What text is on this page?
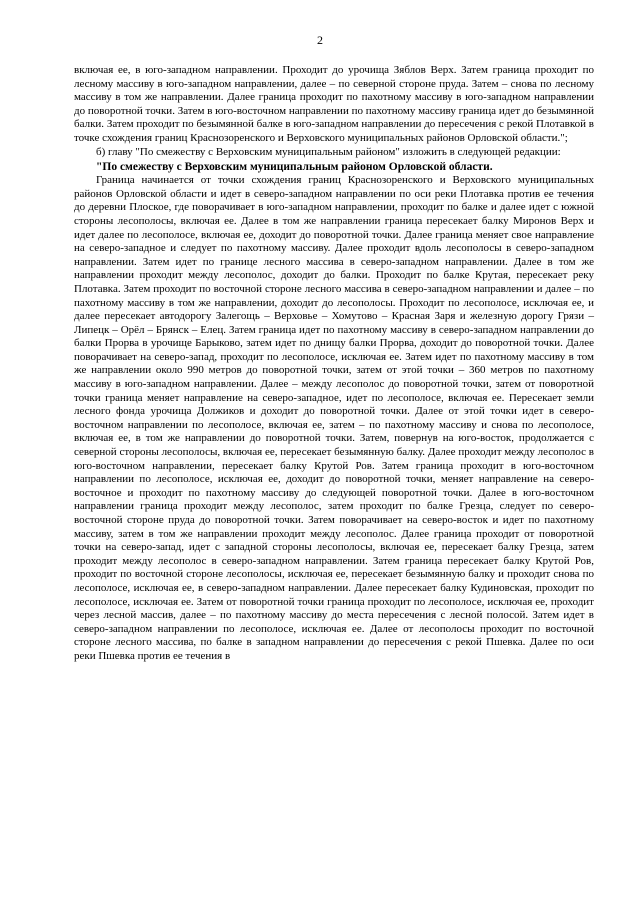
2

включая ее, в юго-западном направлении. Проходит до урочища Зяблов Верх. Затем граница проходит по лесному массиву в юго-западном направлении, далее – по северной стороне пруда. Затем – снова по лесному массиву в том же направлении. Далее граница проходит по пахотному массиву в юго-западном направлении до поворотной точки. Затем в юго-восточном направлении по пахотному массиву граница идет до безымянной балки. Затем проходит по безымянной балке в юго-западном направлении до пересечения с рекой Плотавкой в точке схождения границ Краснозоренского и Верховского муниципальных районов Орловской области.";

б) главу "По смежеству с Верховским муниципальным районом" изложить в следующей редакции:

"По смежеству с Верховским муниципальным районом Орловской области.

Граница начинается от точки схождения границ Краснозоренского и Верховского муниципальных районов Орловской области и идет в северо-западном направлении по оси реки Плотавка против ее течения до деревни Плоское, где поворачивает в юго-западном направлении, проходит по балке и далее идет с южной стороны лесополосы, включая ее. Далее в том же направлении граница пересекает балку Миронов Верх и идет далее по лесополосе, включая ее, доходит до поворотной точки. Далее граница меняет свое направление на северо-западное и следует по пахотному массиву. Далее проходит вдоль лесополосы в северо-западном направлении. Затем идет по границе лесного массива в северо-западном направлении. Далее в том же направлении проходит между лесополос, доходит до балки. Проходит по балке Крутая, пересекает реку Плотавка. Затем проходит по восточной стороне лесного массива в северо-западном направлении и далее – по пахотному массиву в том же направлении, доходит до лесополосы. Проходит по лесополосе, исключая ее, и далее пересекает автодорогу Залегощь – Верховье – Хомутово – Красная Заря и железную дорогу Грязи – Липецк – Орёл – Брянск – Елец. Затем граница идет по пахотному массиву в северо-западном направлении до балки Прорва в урочище Барыково, затем идет по днищу балки Прорва, доходит до поворотной точки. Далее поворачивает на северо-запад, проходит по лесополосе, исключая ее. Затем идет по пахотному массиву в том же направлении около 990 метров до поворотной точки, затем от этой точки – 360 метров по пахотному массиву в юго-западном направлении. Далее – между лесополос до поворотной точки, затем от поворотной точки граница меняет направление на северо-западное, идет по лесополосе, включая ее. Пересекает земли лесного фонда урочища Должиков и доходит до поворотной точки. Далее от этой точки идет в северо-восточном направлении по лесополосе, включая ее, затем – по пахотному массиву и снова по лесополосе, включая ее, в том же направлении до поворотной точки. Затем, повернув на юго-восток, продолжается с северной стороны лесополосы, включая ее, пересекает безымянную балку. Далее проходит между лесополос в юго-восточном направлении, пересекает балку Крутой Ров. Затем граница проходит в юго-восточном направлении по лесополосе, исключая ее, доходит до поворотной точки, меняет направление на северо-восточное и проходит по пахотному массиву до следующей поворотной точки. Далее в юго-восточном направлении граница проходит между лесополос, затем проходит по балке Грезца, следует по северо-восточной стороне пруда до поворотной точки. Затем поворачивает на северо-восток и идет по пахотному массиву, затем в том же направлении проходит между лесополос. Далее граница проходит от поворотной точки на северо-запад, идет с западной стороны лесополосы, включая ее, пересекает балку Грезца, затем проходит между лесополос в северо-западном направлении. Затем граница пересекает балку Крутой Ров, проходит по восточной стороне лесополосы, исключая ее, пересекает безымянную балку и проходит снова по лесополосе, исключая ее, в северо-западном направлении. Далее пересекает балку Кудиновская, проходит по лесополосе, исключая ее. Затем от поворотной точки граница проходит по лесополосе, исключая ее, проходит через лесной массив, далее – по пахотному массиву до места пересечения с лесной полосой. Затем идет в северо-западном направлении по лесополосе, исключая ее. Далее от лесополосы проходит по восточной стороне лесного массива, по балке в западном направлении до пересечения с рекой Пшевка. Далее по оси реки Пшевка против ее течения в
